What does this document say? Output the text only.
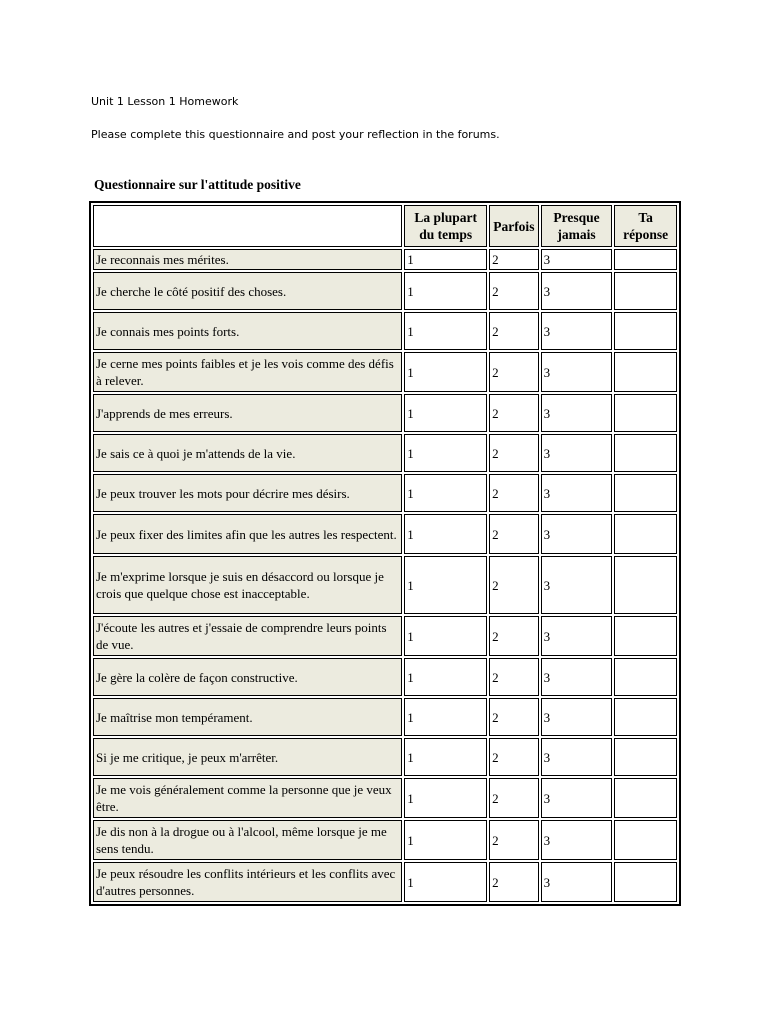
Unit 1 Lesson 1 Homework
Please complete this questionnaire and post your reflection in the forums.
Questionnaire sur l'attitude positive
	La plupart du temps	Parfois	Presque jamais	Ta réponse
Je reconnais mes mérites.	1	2	3	
Je cherche le côté positif des choses.	1	2	3	
Je connais mes points forts.	1	2	3	
Je cerne mes points faibles et je les vois comme des défis à relever.	1	2	3	
J'apprends de mes erreurs.	1	2	3	
Je sais ce à quoi je m'attends de la vie.	1	2	3	
Je peux trouver les mots pour décrire mes désirs.	1	2	3	
Je peux fixer des limites afin que les autres les respectent.	1	2	3	
Je m'exprime lorsque je suis en désaccord ou lorsque je crois que quelque chose est inacceptable.	1	2	3	
J'écoute les autres et j'essaie de comprendre leurs points de vue.	1	2	3	
Je gère la colère de façon constructive.	1	2	3	
Je maîtrise mon tempérament.	1	2	3	
Si je me critique, je peux m'arrêter.	1	2	3	
Je me vois généralement comme la personne que je veux être.	1	2	3	
Je dis non à la drogue ou à l'alcool, même lorsque je me sens tendu.	1	2	3	
Je peux résoudre les conflits intérieurs et les conflits avec d'autres personnes.	1	2	3	
